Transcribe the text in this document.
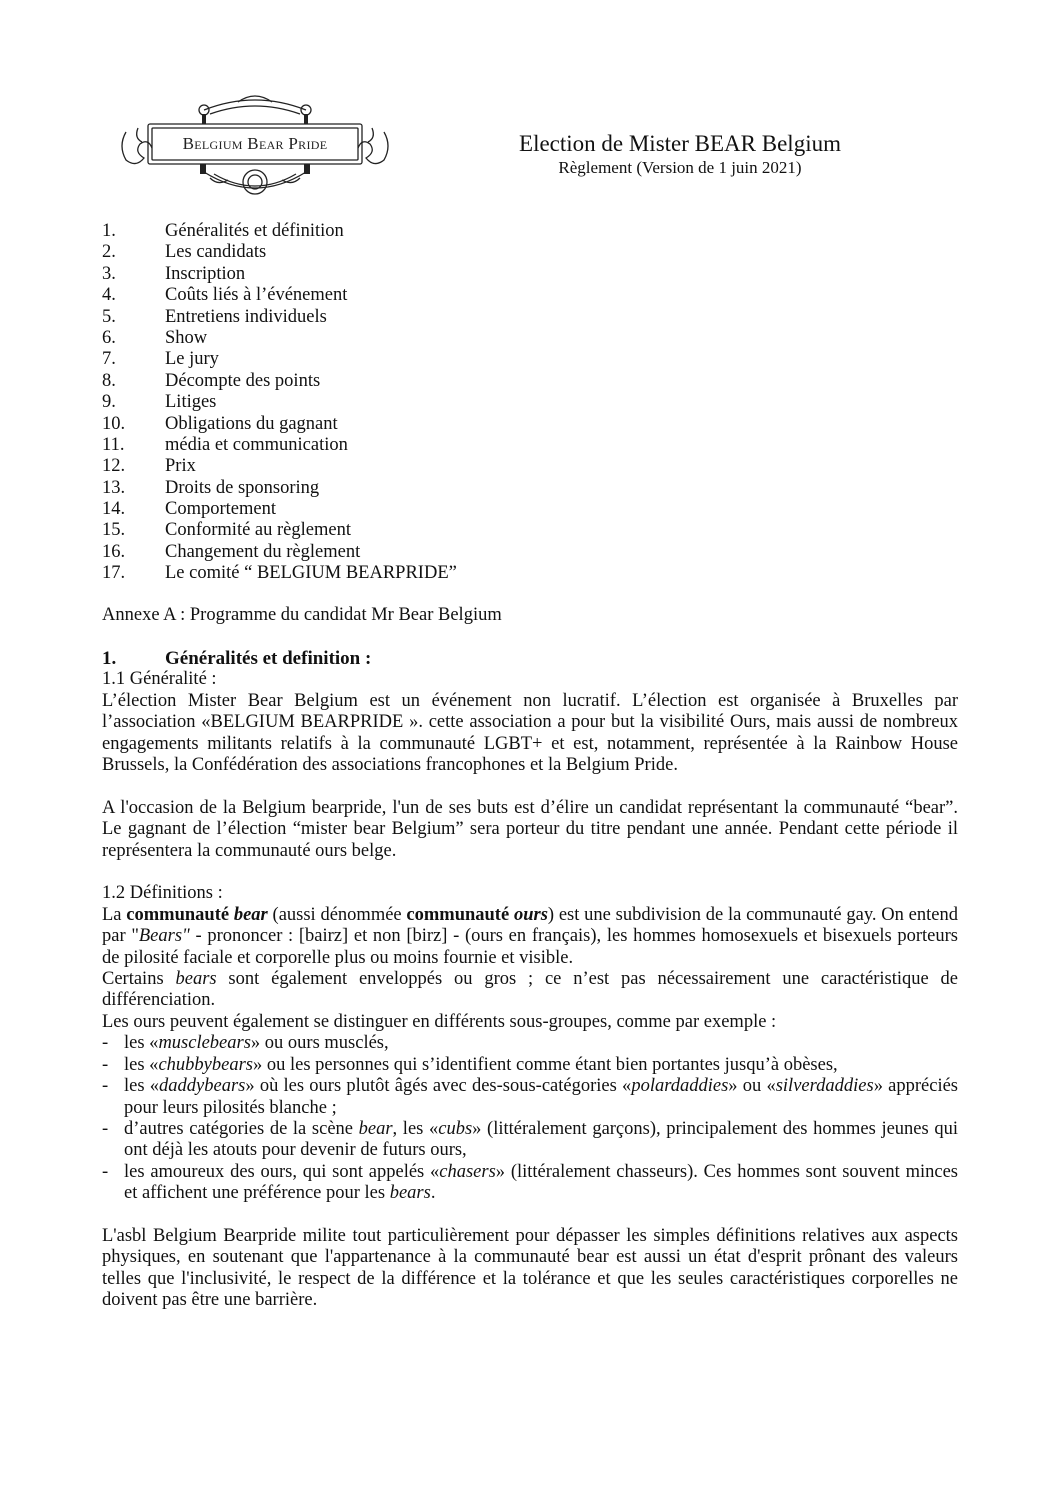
Belgium Bear Pride	Election de Mister BEAR Belgium
Règlement (Version de 1 juin 2021)
1.	Généralités et définition
2.	Les candidats
3.	Inscription
4.	Coûts liés à l’événement
5.	Entretiens individuels
6.	Show
7.	Le jury
8.	Décompte des points
9.	Litiges
10. Obligations du gagnant
11. média et communication
12. Prix
13. Droits de sponsoring
14. Comportement
15. Conformité au règlement
16. Changement du règlement
17. Le comité “ BELGIUM BEARPRIDE”
Annexe A : Programme du candidat Mr Bear Belgium
1.	Généralités et definition :
1.1 Généralité :
L’élection Mister Bear Belgium est un événement non lucratif. L’élection est organisée à Bruxelles par l’association «BELGIUM BEARPRIDE ». cette association a pour but la visibilité Ours, mais aussi de nombreux engagements militants relatifs à la communauté LGBT+ et est, notamment, représentée à la Rainbow House Brussels, la Confédération des associations francophones et la Belgium Pride.
A l'occasion de la Belgium bearpride, l'un de ses buts est d’élire un candidat représentant la communauté “bear”. Le gagnant de l’élection “mister bear Belgium” sera porteur du titre pendant une année. Pendant cette période il représentera la communauté ours belge.
1.2 Définitions :
La communauté bear (aussi dénommée communauté ours) est une subdivision de la communauté gay. On entend par "Bears" - prononcer : [bairz] et non [birz] - (ours en français), les hommes homosexuels et bisexuels porteurs de pilosité faciale et corporelle plus ou moins fournie et visible.
Certains bears sont également enveloppés ou gros ; ce n’est pas nécessairement une caractéristique de différenciation.
Les ours peuvent également se distinguer en différents sous-groupes, comme par exemple :
- les «musclebears» ou ours musclés,
- les «chubbybears» ou les personnes qui s’identifient comme étant bien portantes jusqu’à obèses,
- les «daddybears» où les ours plutôt âgés avec des-sous-catégories «polardaddies» ou «silverdaddies» appréciés pour leurs pilosités blanche ;
- d’autres catégories de la scène bear, les «cubs» (littéralement garçons), principalement des hommes jeunes qui ont déjà les atouts pour devenir de futurs ours,
- les amoureux des ours, qui sont appelés «chasers» (littéralement chasseurs). Ces hommes sont souvent minces et affichent une préférence pour les bears.
L'asbl Belgium Bearpride milite tout particulièrement pour dépasser les simples définitions relatives aux aspects physiques, en soutenant que l'appartenance à la communauté bear est aussi un état d'esprit prônant des valeurs telles que l'inclusivité, le respect de la différence et la tolérance et que les seules caractéristiques corporelles ne doivent pas être une barrière.
